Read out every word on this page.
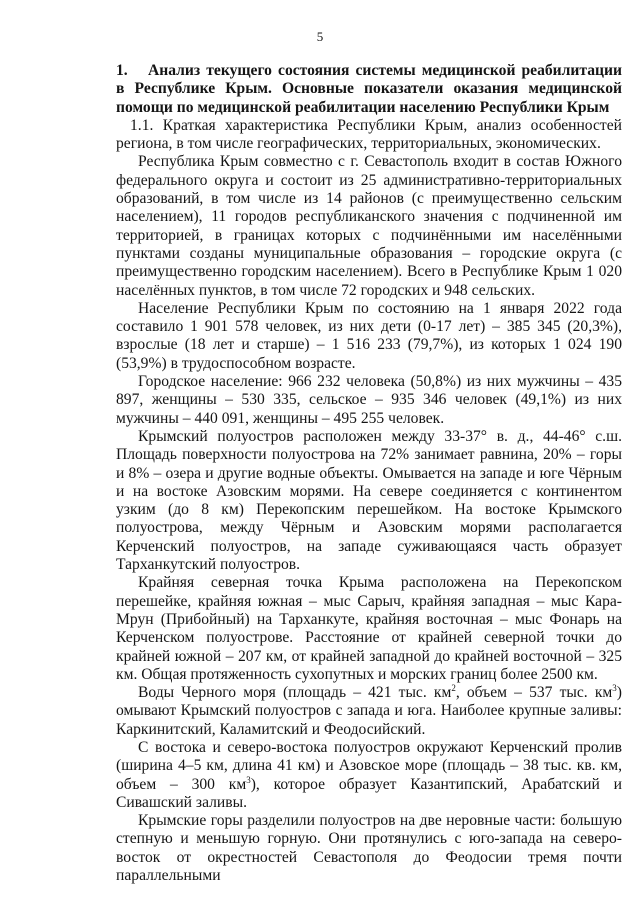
5
1. Анализ текущего состояния системы медицинской реабилитации в Республике Крым. Основные показатели оказания медицинской помощи по медицинской реабилитации населению Республики Крым

1.1. Краткая характеристика Республики Крым, анализ особенностей региона, в том числе географических, территориальных, экономических.

Республика Крым совместно с г. Севастополь входит в состав Южного федерального округа и состоит из 25 административно-территориальных образований, в том числе из 14 районов (с преимущественно сельским населением), 11 городов республиканского значения с подчиненной им территорией, в границах которых с подчинёнными им населёнными пунктами созданы муниципальные образования – городские округа (с преимущественно городским населением). Всего в Республике Крым 1 020 населённых пунктов, в том числе 72 городских и 948 сельских.

Население Республики Крым по состоянию на 1 января 2022 года составило 1 901 578 человек, из них дети (0-17 лет) – 385 345 (20,3%), взрослые (18 лет и старше) – 1 516 233 (79,7%), из которых 1 024 190 (53,9%) в трудоспособном возрасте.

Городское население: 966 232 человека (50,8%) из них мужчины – 435 897, женщины – 530 335, сельское – 935 346 человек (49,1%) из них мужчины – 440 091, женщины – 495 255 человек.

Крымский полуостров расположен между 33-37° в. д., 44-46° с.ш. Площадь поверхности полуострова на 72% занимает равнина, 20% – горы и 8% – озера и другие водные объекты. Омывается на западе и юге Чёрным и на востоке Азовским морями. На севере соединяется с континентом узким (до 8 км) Перекопским перешейком. На востоке Крымского полуострова, между Чёрным и Азовским морями располагается Керченский полуостров, на западе суживающаяся часть образует Тарханкутский полуостров.

Крайняя северная точка Крыма расположена на Перекопском перешейке, крайняя южная – мыс Сарыч, крайняя западная – мыс Кара-Мрун (Прибойный) на Тарханкуте, крайняя восточная – мыс Фонарь на Керченском полуострове. Расстояние от крайней северной точки до крайней южной – 207 км, от крайней западной до крайней восточной – 325 км. Общая протяженность сухопутных и морских границ более 2500 км.

Воды Черного моря (площадь – 421 тыс. $км^2$, объем – 537 тыс. $км^3$) омывают Крымский полуостров с запада и юга. Наиболее крупные заливы: Каркинитский, Каламитский и Феодосийский.

С востока и северо-востока полуостров окружают Керченский пролив (ширина 4–5 км, длина 41 км) и Азовское море (площадь – 38 тыс. кв. км, объем – 300 $км^3$), которое образует Казантипский, Арабатский и Сивашский заливы.

Крымские горы разделили полуостров на две неровные части: большую степную и меньшую горную. Они протянулись с юго-запада на северо-восток от окрестностей Севастополя до Феодосии тремя почти параллельными
